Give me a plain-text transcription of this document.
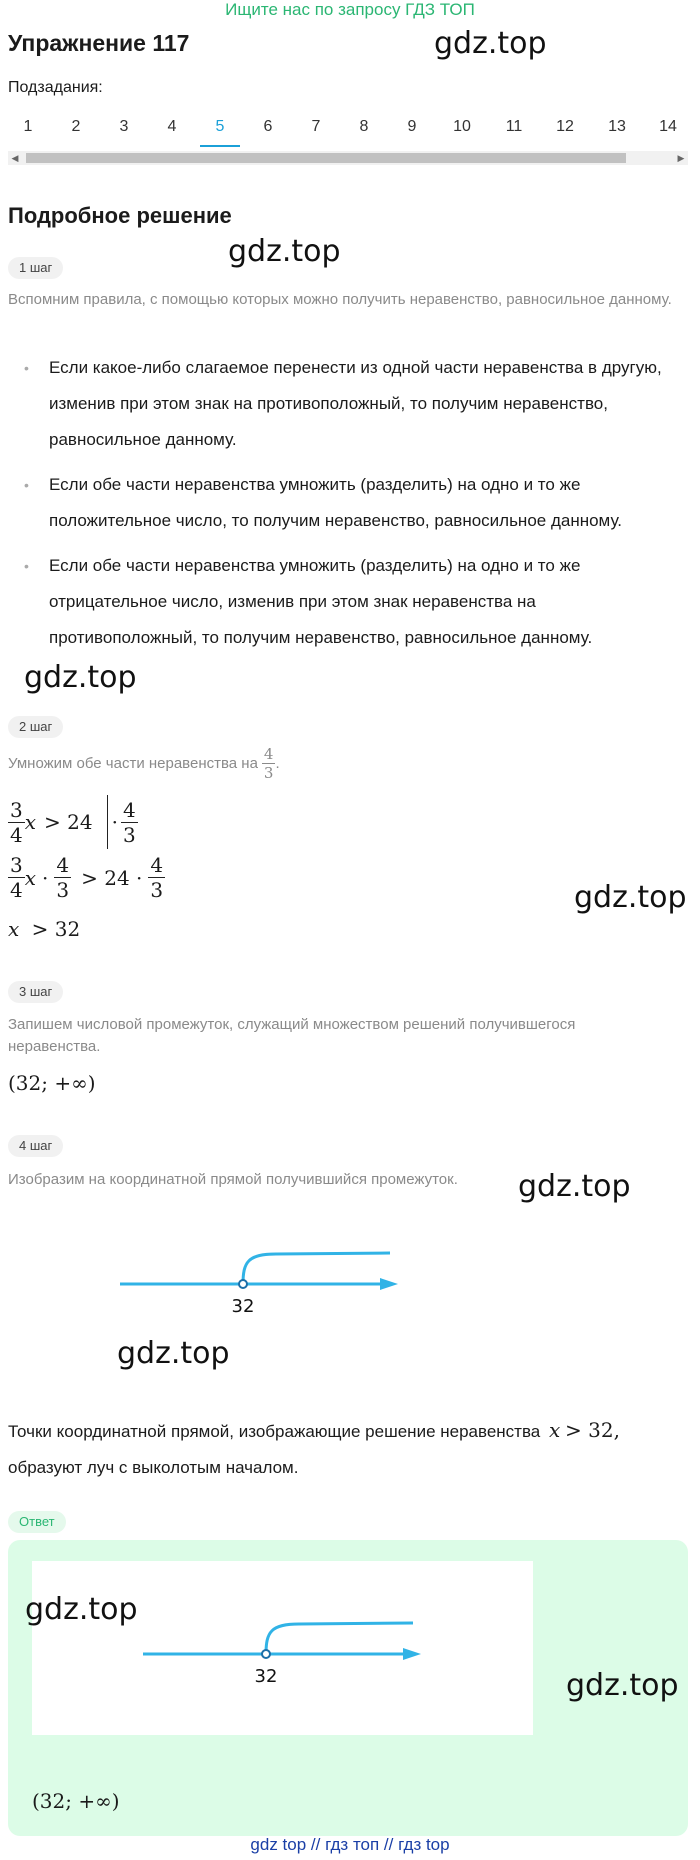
Ищите нас по запросу ГДЗ ТОП
Упражнение 117	gdz.top
Подзадания:
1	2	3	4	5	6	7	8	9	10	11	12	13	14
◀	▶
Подробное решение
1 шаг	gdz.top
Вспомним правила, с помощью которых можно получить неравенство, равносильное данному.
• Если какое-либо слагаемое перенести из одной части неравенства в другую, изменив при этом знак на противоположный, то получим неравенство, равносильное данному.
• Если обе части неравенства умножить (разделить) на одно и то же положительное число, то получим неравенство, равносильное данному.
• Если обе части неравенства умножить (разделить) на одно и то же отрицательное число, изменив при этом знак неравенства на противоположный, то получим неравенство, равносильное данному.
gdz.top
2 шаг
Умножим обе части неравенства на $\frac{4}{3}$ .
$\frac{3}{4}$ $x > 24 \cdot \frac{4}{3}$
$\frac{3}{4}$ $x \cdot \frac{4}{3} > 24 \cdot \frac{4}{3}$	gdz.top
x > 32
3 шаг
Запишем числовой промежуток, служащий множеством решений получившегося неравенства.
(32; +∞)
4 шаг
Изобразим на координатной прямой получившийся промежуток. gdz.top
32
gdz.top
Точки координатной прямой, изображающие решение неравенства x > 32,
образуют луч с выколотым началом.
Ответ
gdz.top
32	gdz.top
(32; +∞)
gdz top // гдз топ // гдз top
